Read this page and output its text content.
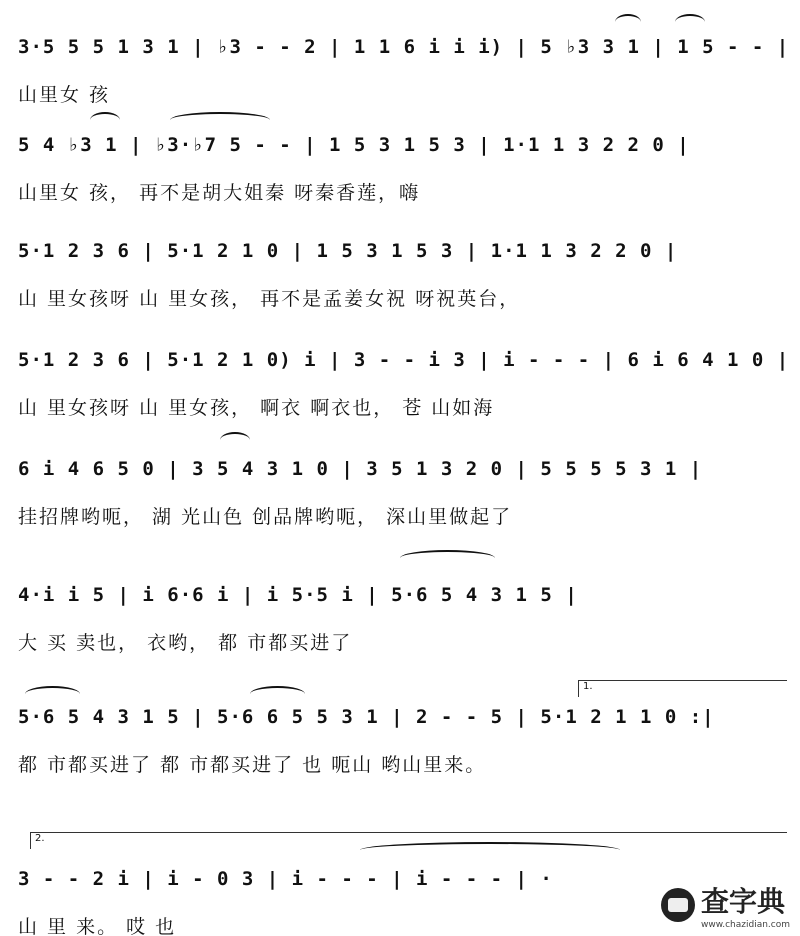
3·5 5 5 1 3 1 | ♭3 - - 2 | 1 1 6 i i i) | 5 ♭3 3 1 | 1 5 - - |
山里女 孩
5 4 ♭3 1 | ♭3·♭7 5 - - | 1 5 3 1 5 3 | 1·1 1 3 2 2 0 |
山里女 孩， 再不是胡大姐秦 呀秦香莲，嗨
5·1 2 3 6 | 5·1 2 1 0 | 1 5 3 1 5 3 | 1·1 1 3 2 2 0 |
山 里女孩呀 山 里女孩， 再不是孟姜女祝 呀祝英台，
5·1 2 3 6 | 5·1 2 1 0) i | 3 - - i 3 | i - - - | 6 i 6 4 1 0 |
山 里女孩呀 山 里女孩， 啊衣 啊衣也， 苍 山如海
6 i 4 6 5 0 | 3 5 4 3 1 0 | 3 5 1 3 2 0 | 5 5 5 5 3 1 |
挂招牌哟呃， 湖 光山色 创品牌哟呃， 深山里做起了
4·i i 5 | i 6·6 i | i 5·5 i | 5·6 5 4 3 1 5 |
大 买 卖也， 衣哟， 都 市都买进了
1.
5·6 5 4 3 1 5 | 5·6 6 5 5 3 1 | 2 - - 5 | 5·1 2 1 1 0 :|
都 市都买进了 都 市都买进了 也 呃山 哟山里来。
2.
3 - - 2 i | i - 0 3 | i - - - | i - - - | ·
山 里 来。 哎 也
查字典
www.chazidian.com
